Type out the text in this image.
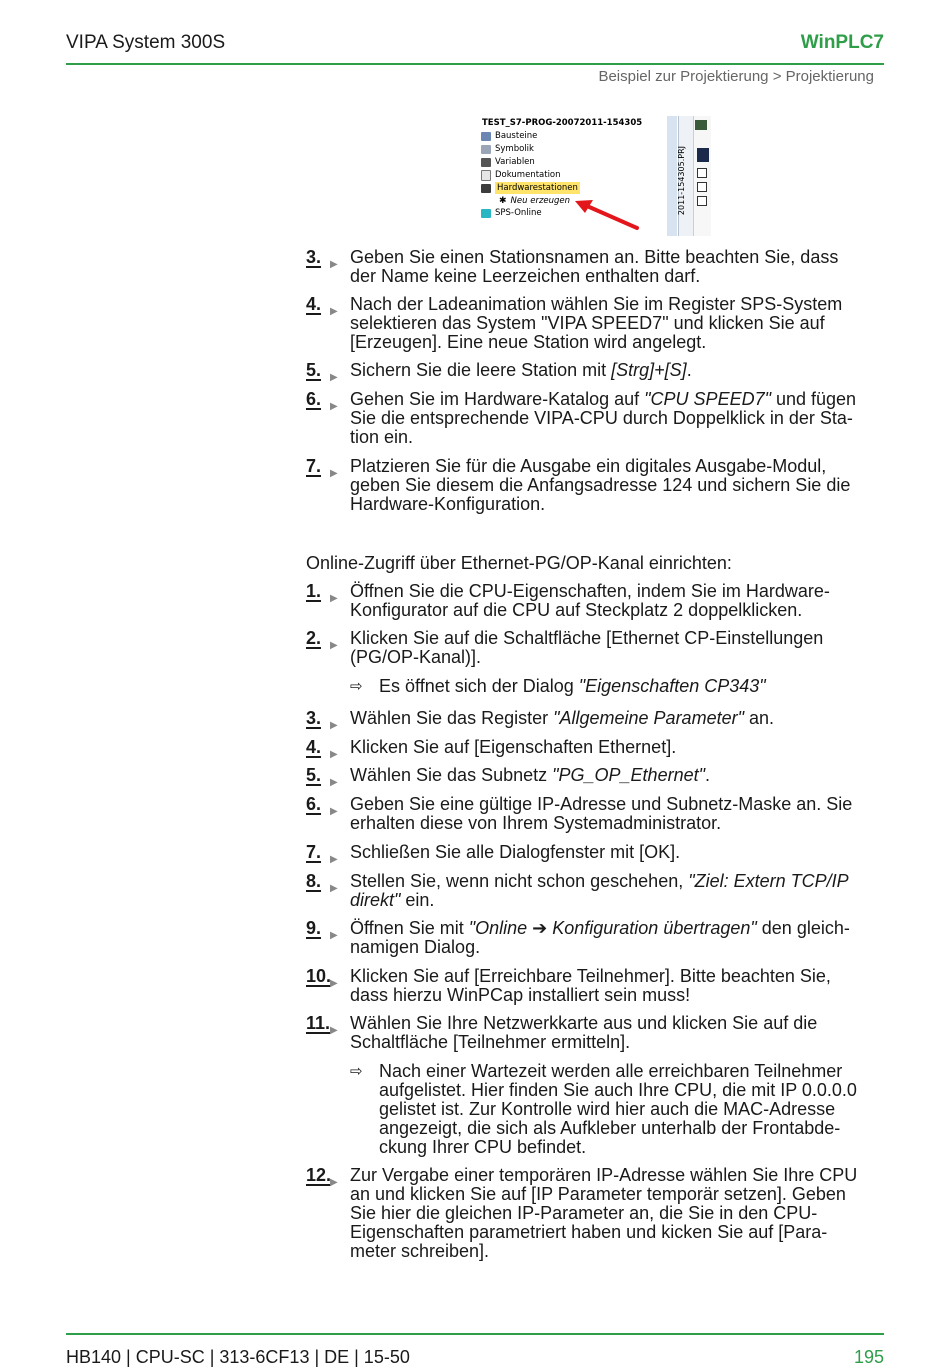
VIPA System 300S	WinPLC7
Beispiel zur Projektierung > Projektierung
TEST_S7-PROG-20072011-154305
Bausteine
Symbolik
Variablen
Dokumentation
Hardwarestationen
✱ Neu erzeugen
SPS-Online	2011-154305.PRJ
3. ▶ Geben Sie einen Stationsnamen an. Bitte beachten Sie, dass
der Name keine Leerzeichen enthalten darf.
4. ▶ Nach der Ladeanimation wählen Sie im Register SPS-System
selektieren das System "VIPA SPEED7" und klicken Sie auf
[Erzeugen]. Eine neue Station wird angelegt.
5. ▶ Sichern Sie die leere Station mit [Strg]+[S].
6. ▶ Gehen Sie im Hardware-Katalog auf "CPU SPEED7" und fügen
Sie die entsprechende VIPA-CPU durch Doppelklick in der Sta-
tion ein.
7. ▶ Platzieren Sie für die Ausgabe ein digitales Ausgabe-Modul,
geben Sie diesem die Anfangsadresse 124 und sichern Sie die
Hardware-Konfiguration.
Online-Zugriff über Ethernet-PG/OP-Kanal einrichten:
1. ▶ Öffnen Sie die CPU-Eigenschaften, indem Sie im Hardware-
Konfigurator auf die CPU auf Steckplatz 2 doppelklicken.
2. ▶ Klicken Sie auf die Schaltfläche [Ethernet CP-Einstellungen
(PG/OP-Kanal)].
⇨ Es öffnet sich der Dialog "Eigenschaften CP343"
3. ▶ Wählen Sie das Register "Allgemeine Parameter" an.
4. ▶ Klicken Sie auf [Eigenschaften Ethernet].
5. ▶ Wählen Sie das Subnetz "PG_OP_Ethernet".
6. ▶ Geben Sie eine gültige IP-Adresse und Subnetz-Maske an. Sie
erhalten diese von Ihrem Systemadministrator.
7. ▶ Schließen Sie alle Dialogfenster mit [OK].
8. ▶ Stellen Sie, wenn nicht schon geschehen, "Ziel: Extern TCP/IP
direkt" ein.
9. ▶ Öffnen Sie mit "Online ➔ Konfiguration übertragen" den gleich-
namigen Dialog.
10.
▶ Klicken Sie auf [Erreichbare Teilnehmer]. Bitte beachten Sie,
dass hierzu WinPCap installiert sein muss!
11. ▶ Wählen Sie Ihre Netzwerkkarte aus und klicken Sie auf die
Schaltfläche [Teilnehmer ermitteln].
⇨ Nach einer Wartezeit werden alle erreichbaren Teilnehmer
aufgelistet. Hier finden Sie auch Ihre CPU, die mit IP 0.0.0.0
gelistet ist. Zur Kontrolle wird hier auch die MAC-Adresse
angezeigt, die sich als Aufkleber unterhalb der Frontabde-
ckung Ihrer CPU befindet.
12.
▶ Zur Vergabe einer temporären IP-Adresse wählen Sie Ihre CPU
an und klicken Sie auf [IP Parameter temporär setzen]. Geben
Sie hier die gleichen IP-Parameter an, die Sie in den CPU-
Eigenschaften parametriert haben und kicken Sie auf [Para-
meter schreiben].
HB140 | CPU-SC | 313-6CF13 | DE | 15-50	195
